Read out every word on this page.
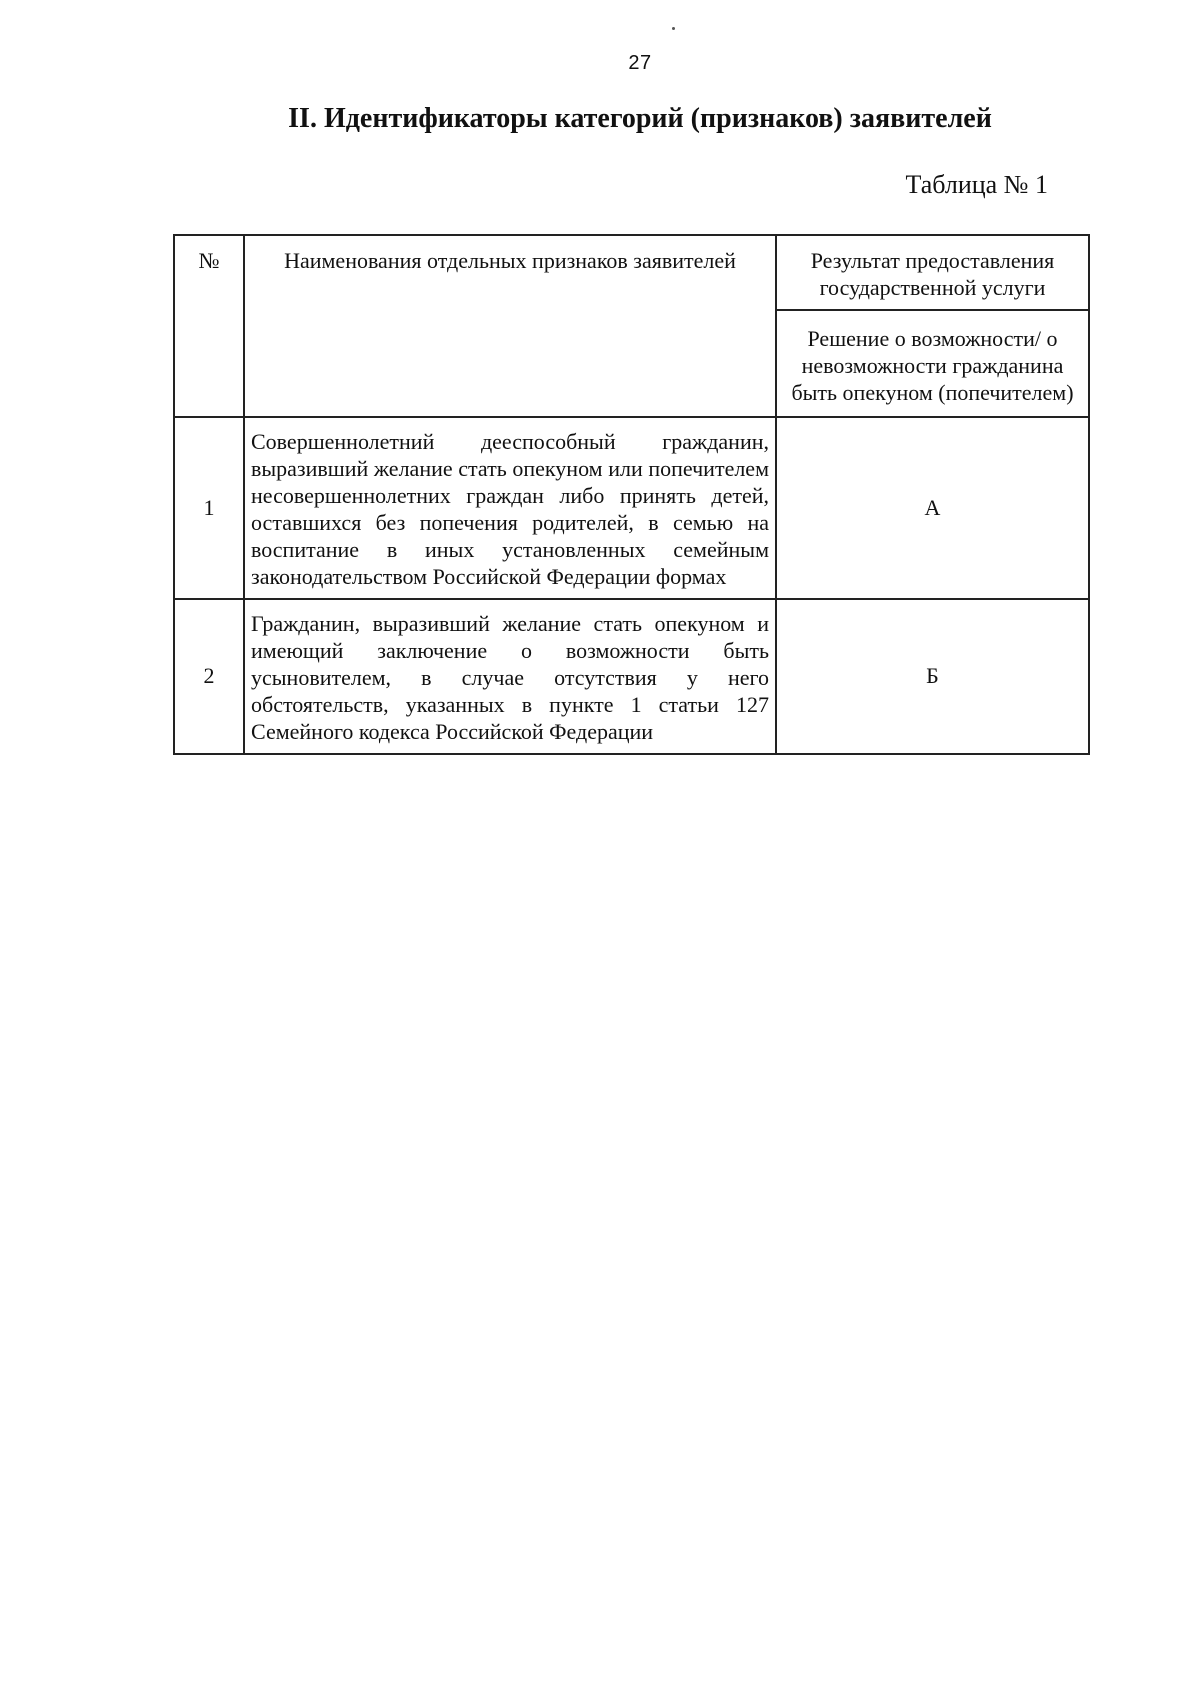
27
II. Идентификаторы категорий (признаков) заявителей
Таблица № 1
№	Наименования отдельных признаков заявителей	Результат предоставления государственной услуги
		Решение о возможности/ о невозможности гражданина быть опекуном (попечителем)
1	Совершеннолетний дееспособный гражданин, выразивший желание стать опекуном или попечителем несовершеннолетних граждан либо принять детей, оставшихся без попечения родителей, в семью на воспитание в иных установленных семейным законодательством Российской Федерации формах	А
2	Гражданин, выразивший желание стать опекуном и имеющий заключение о возможности быть усыновителем, в случае отсутствия у него обстоятельств, указанных в пункте 1 статьи 127 Семейного кодекса Российской Федерации	Б
